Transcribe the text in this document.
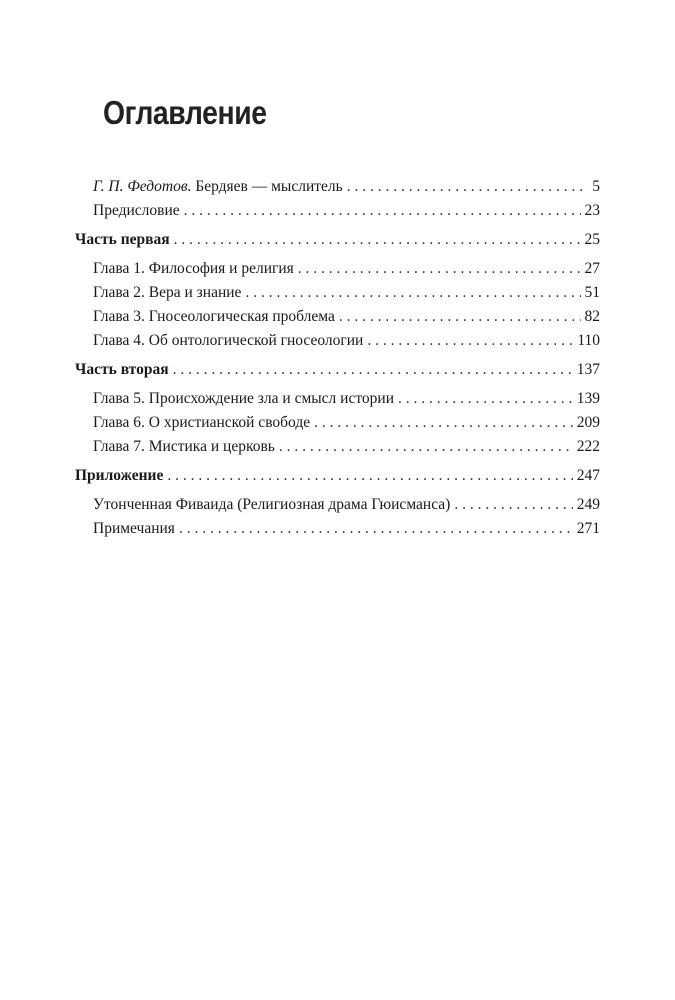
Оглавление
Г. П. Федотов. Бердяев — мыслитель . . .	5
Предисловие . . .	23
Часть первая . . .	25
Глава 1. Философия и религия . . .	27
Глава 2. Вера и знание . . .	51
Глава 3. Гносеологическая проблема . . .	82
Глава 4. Об онтологической гносеологии . . .	110
Часть вторая . . .	137
Глава 5. Происхождение зла и смысл истории . . .	139
Глава 6. О христианской свободе . . .	209
Глава 7. Мистика и церковь . . .	222
Приложение . . .	247
Утонченная Фиваида (Религиозная драма Гюисманса) . . .	249
Примечания . . .	271
